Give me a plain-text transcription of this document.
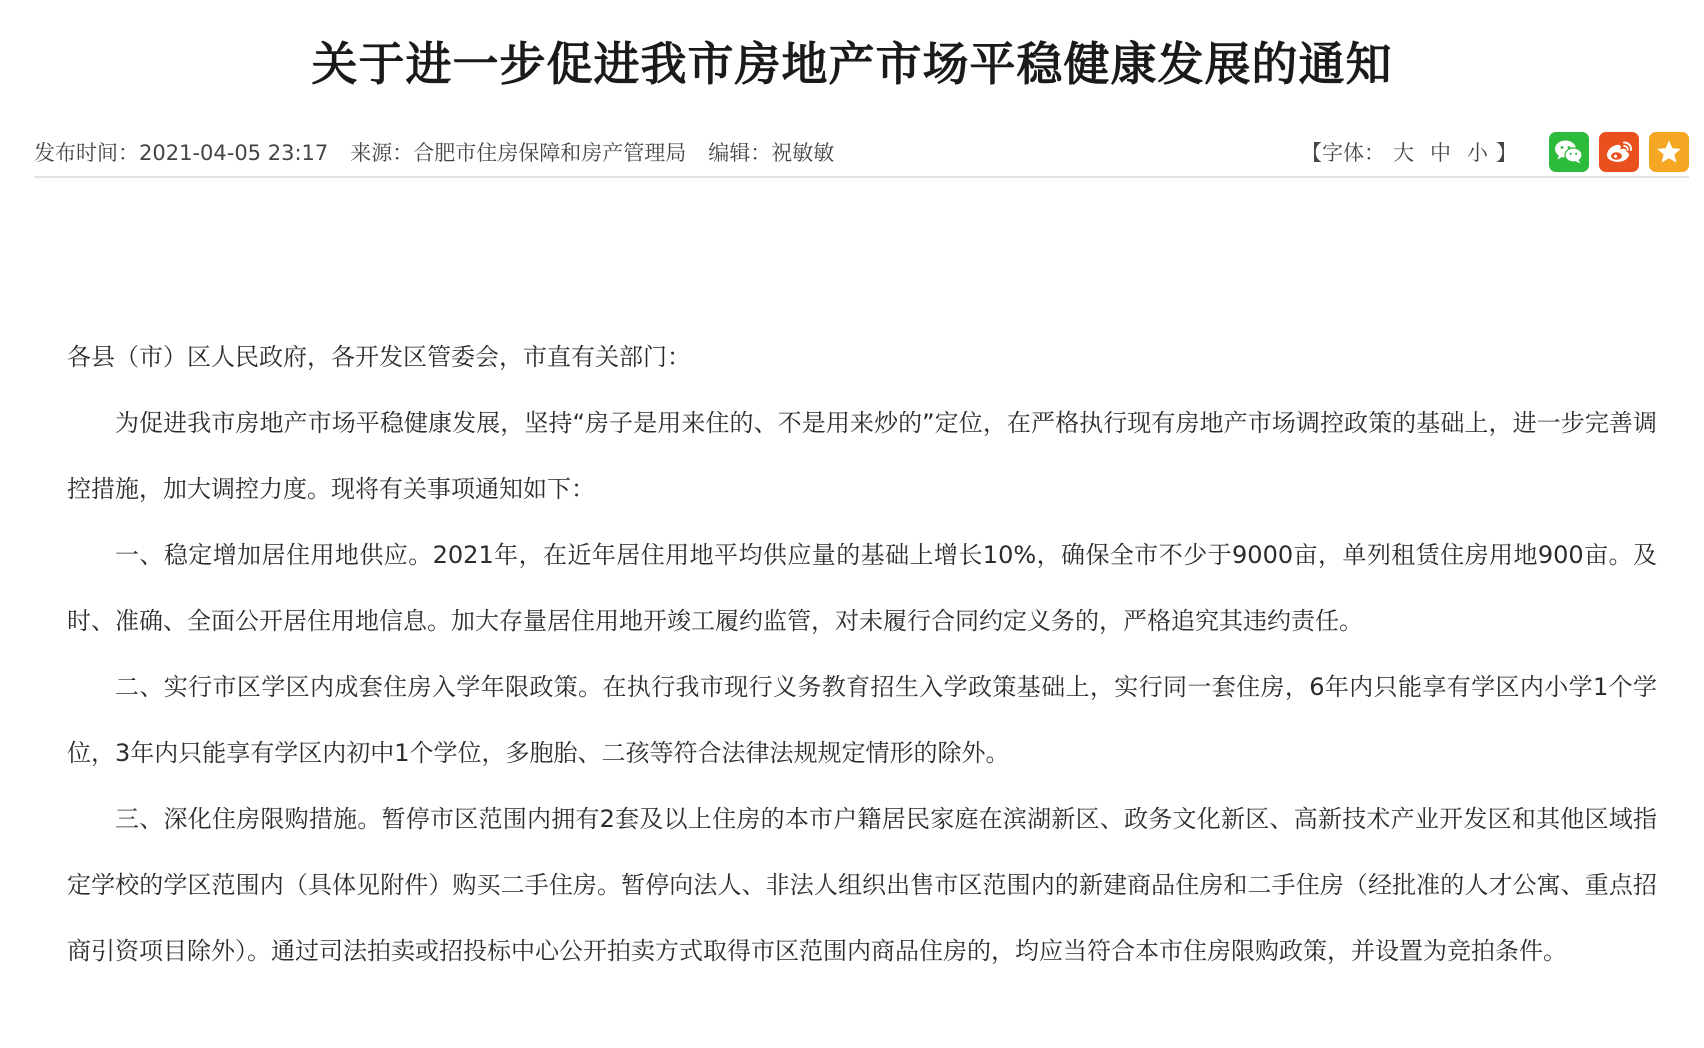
关于进一步促进我市房地产市场平稳健康发展的通知
发布时间：2021-04-05 23:17 来源：合肥市住房保障和房产管理局 编辑：祝敏敏	【字体： 大 中 小 】

各县（市）区人民政府，各开发区管委会，市直有关部门：

为促进我市房地产市场平稳健康发展，坚持“房子是用来住的、不是用来炒的”定位，在严格执行现有房地产市场调控政策的基础上，进一步完善调控措施，加大调控力度。现将有关事项通知如下：

一、稳定增加居住用地供应。2021年，在近年居住用地平均供应量的基础上增长10%，确保全市不少于9000亩，单列租赁住房用地900亩。及时、准确、全面公开居住用地信息。加大存量居住用地开竣工履约监管，对未履行合同约定义务的，严格追究其违约责任。

二、实行市区学区内成套住房入学年限政策。在执行我市现行义务教育招生入学政策基础上，实行同一套住房，6年内只能享有学区内小学1个学位，3年内只能享有学区内初中1个学位，多胞胎、二孩等符合法律法规规定情形的除外。

三、深化住房限购措施。暂停市区范围内拥有2套及以上住房的本市户籍居民家庭在滨湖新区、政务文化新区、高新技术产业开发区和其他区域指定学校的学区范围内（具体见附件）购买二手住房。暂停向法人、非法人组织出售市区范围内的新建商品住房和二手住房（经批准的人才公寓、重点招商引资项目除外）。通过司法拍卖或招投标中心公开拍卖方式取得市区范围内商品住房的，均应当符合本市住房限购政策，并设置为竞拍条件。
